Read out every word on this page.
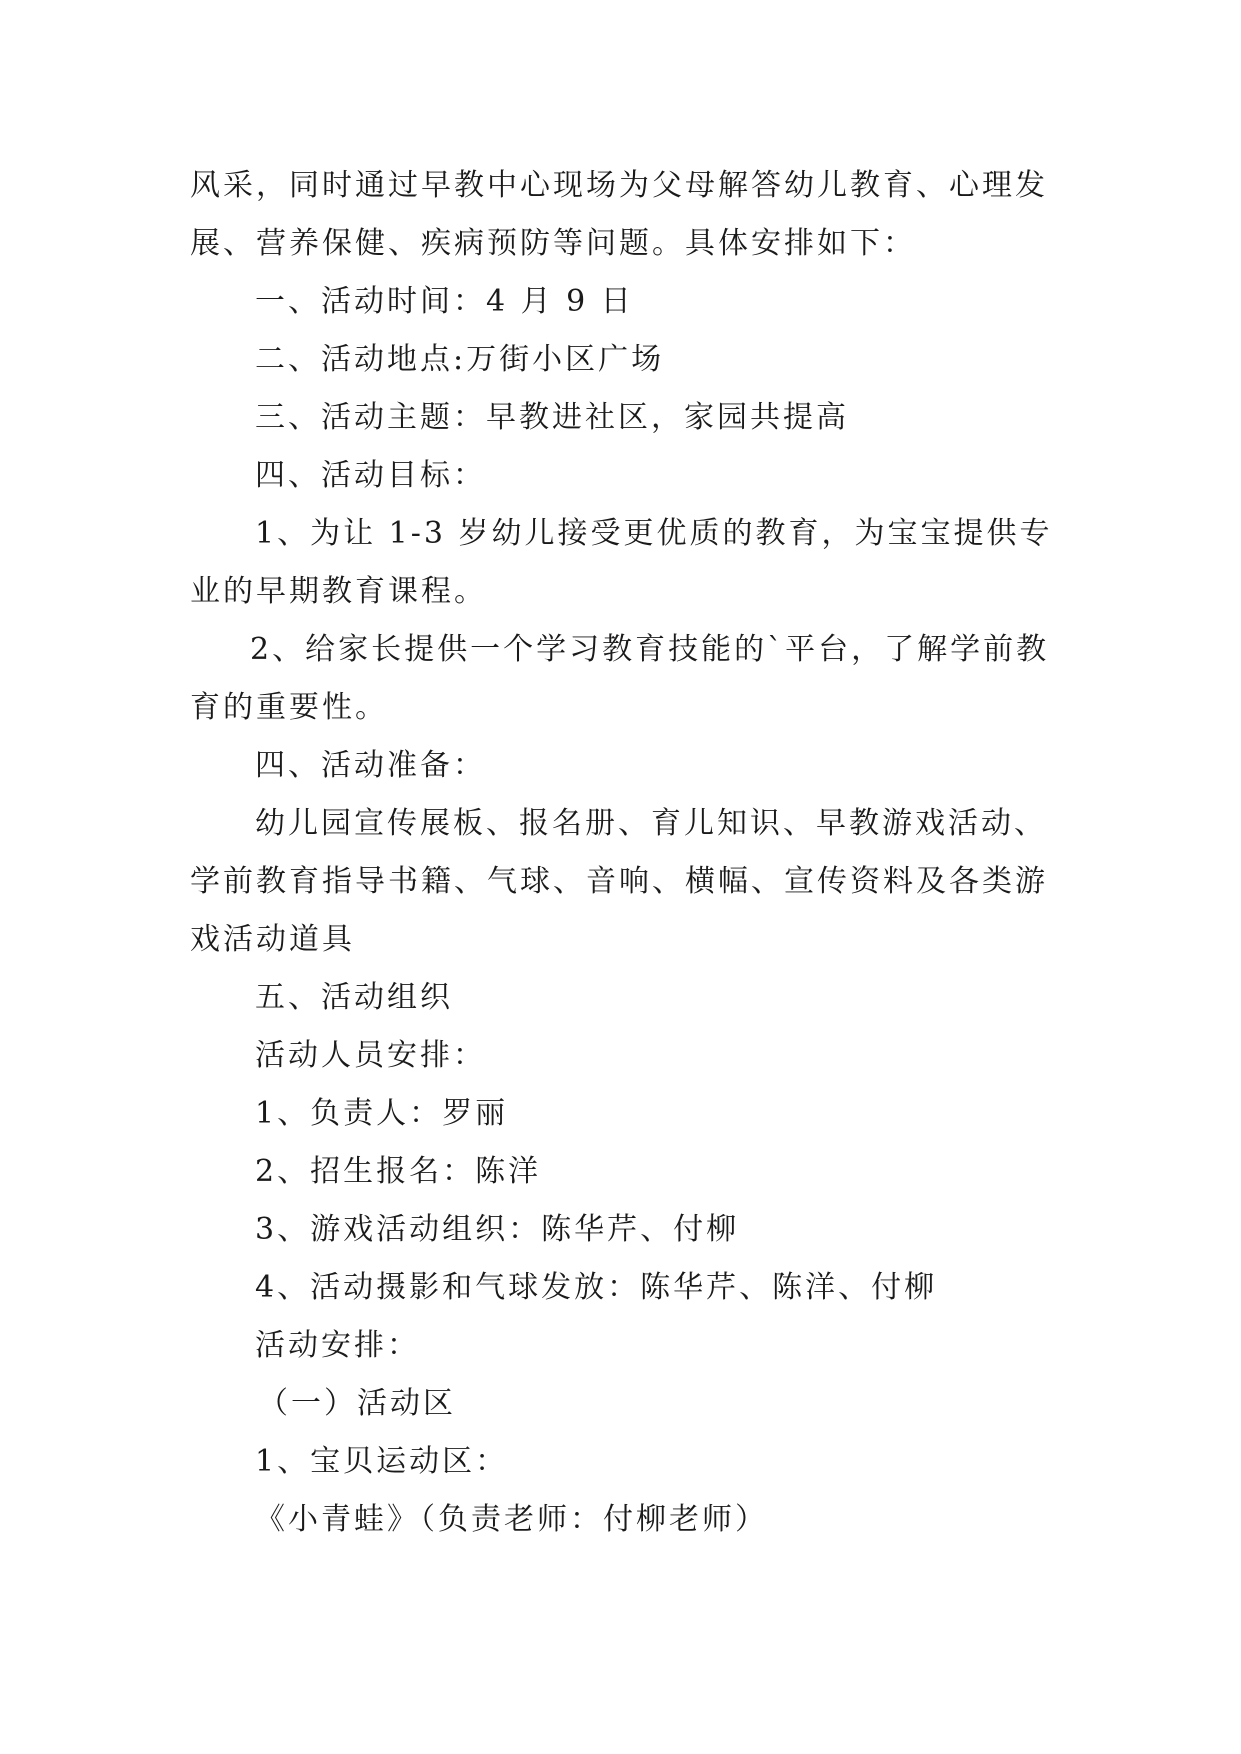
风采，同时通过早教中心现场为父母解答幼儿教育、心理发
展、营养保健、疾病预防等问题。具体安排如下：
一、活动时间：4 月 9 日
二、活动地点:万街小区广场
三、活动主题：早教进社区，家园共提高
四、活动目标：
1、为让 1-3 岁幼儿接受更优质的教育，为宝宝提供专
业的早期教育课程。
2、给家长提供一个学习教育技能的`平台，了解学前教
育的重要性。
四、活动准备：
幼儿园宣传展板、报名册、育儿知识、早教游戏活动、
学前教育指导书籍、气球、音响、横幅、宣传资料及各类游
戏活动道具
五、活动组织
活动人员安排：
1、负责人：罗丽
2、招生报名：陈洋
3、游戏活动组织：陈华芹、付柳
4、活动摄影和气球发放：陈华芹、陈洋、付柳
活动安排：
（一）活动区
1、宝贝运动区：
《小青蛙》（负责老师：付柳老师）
